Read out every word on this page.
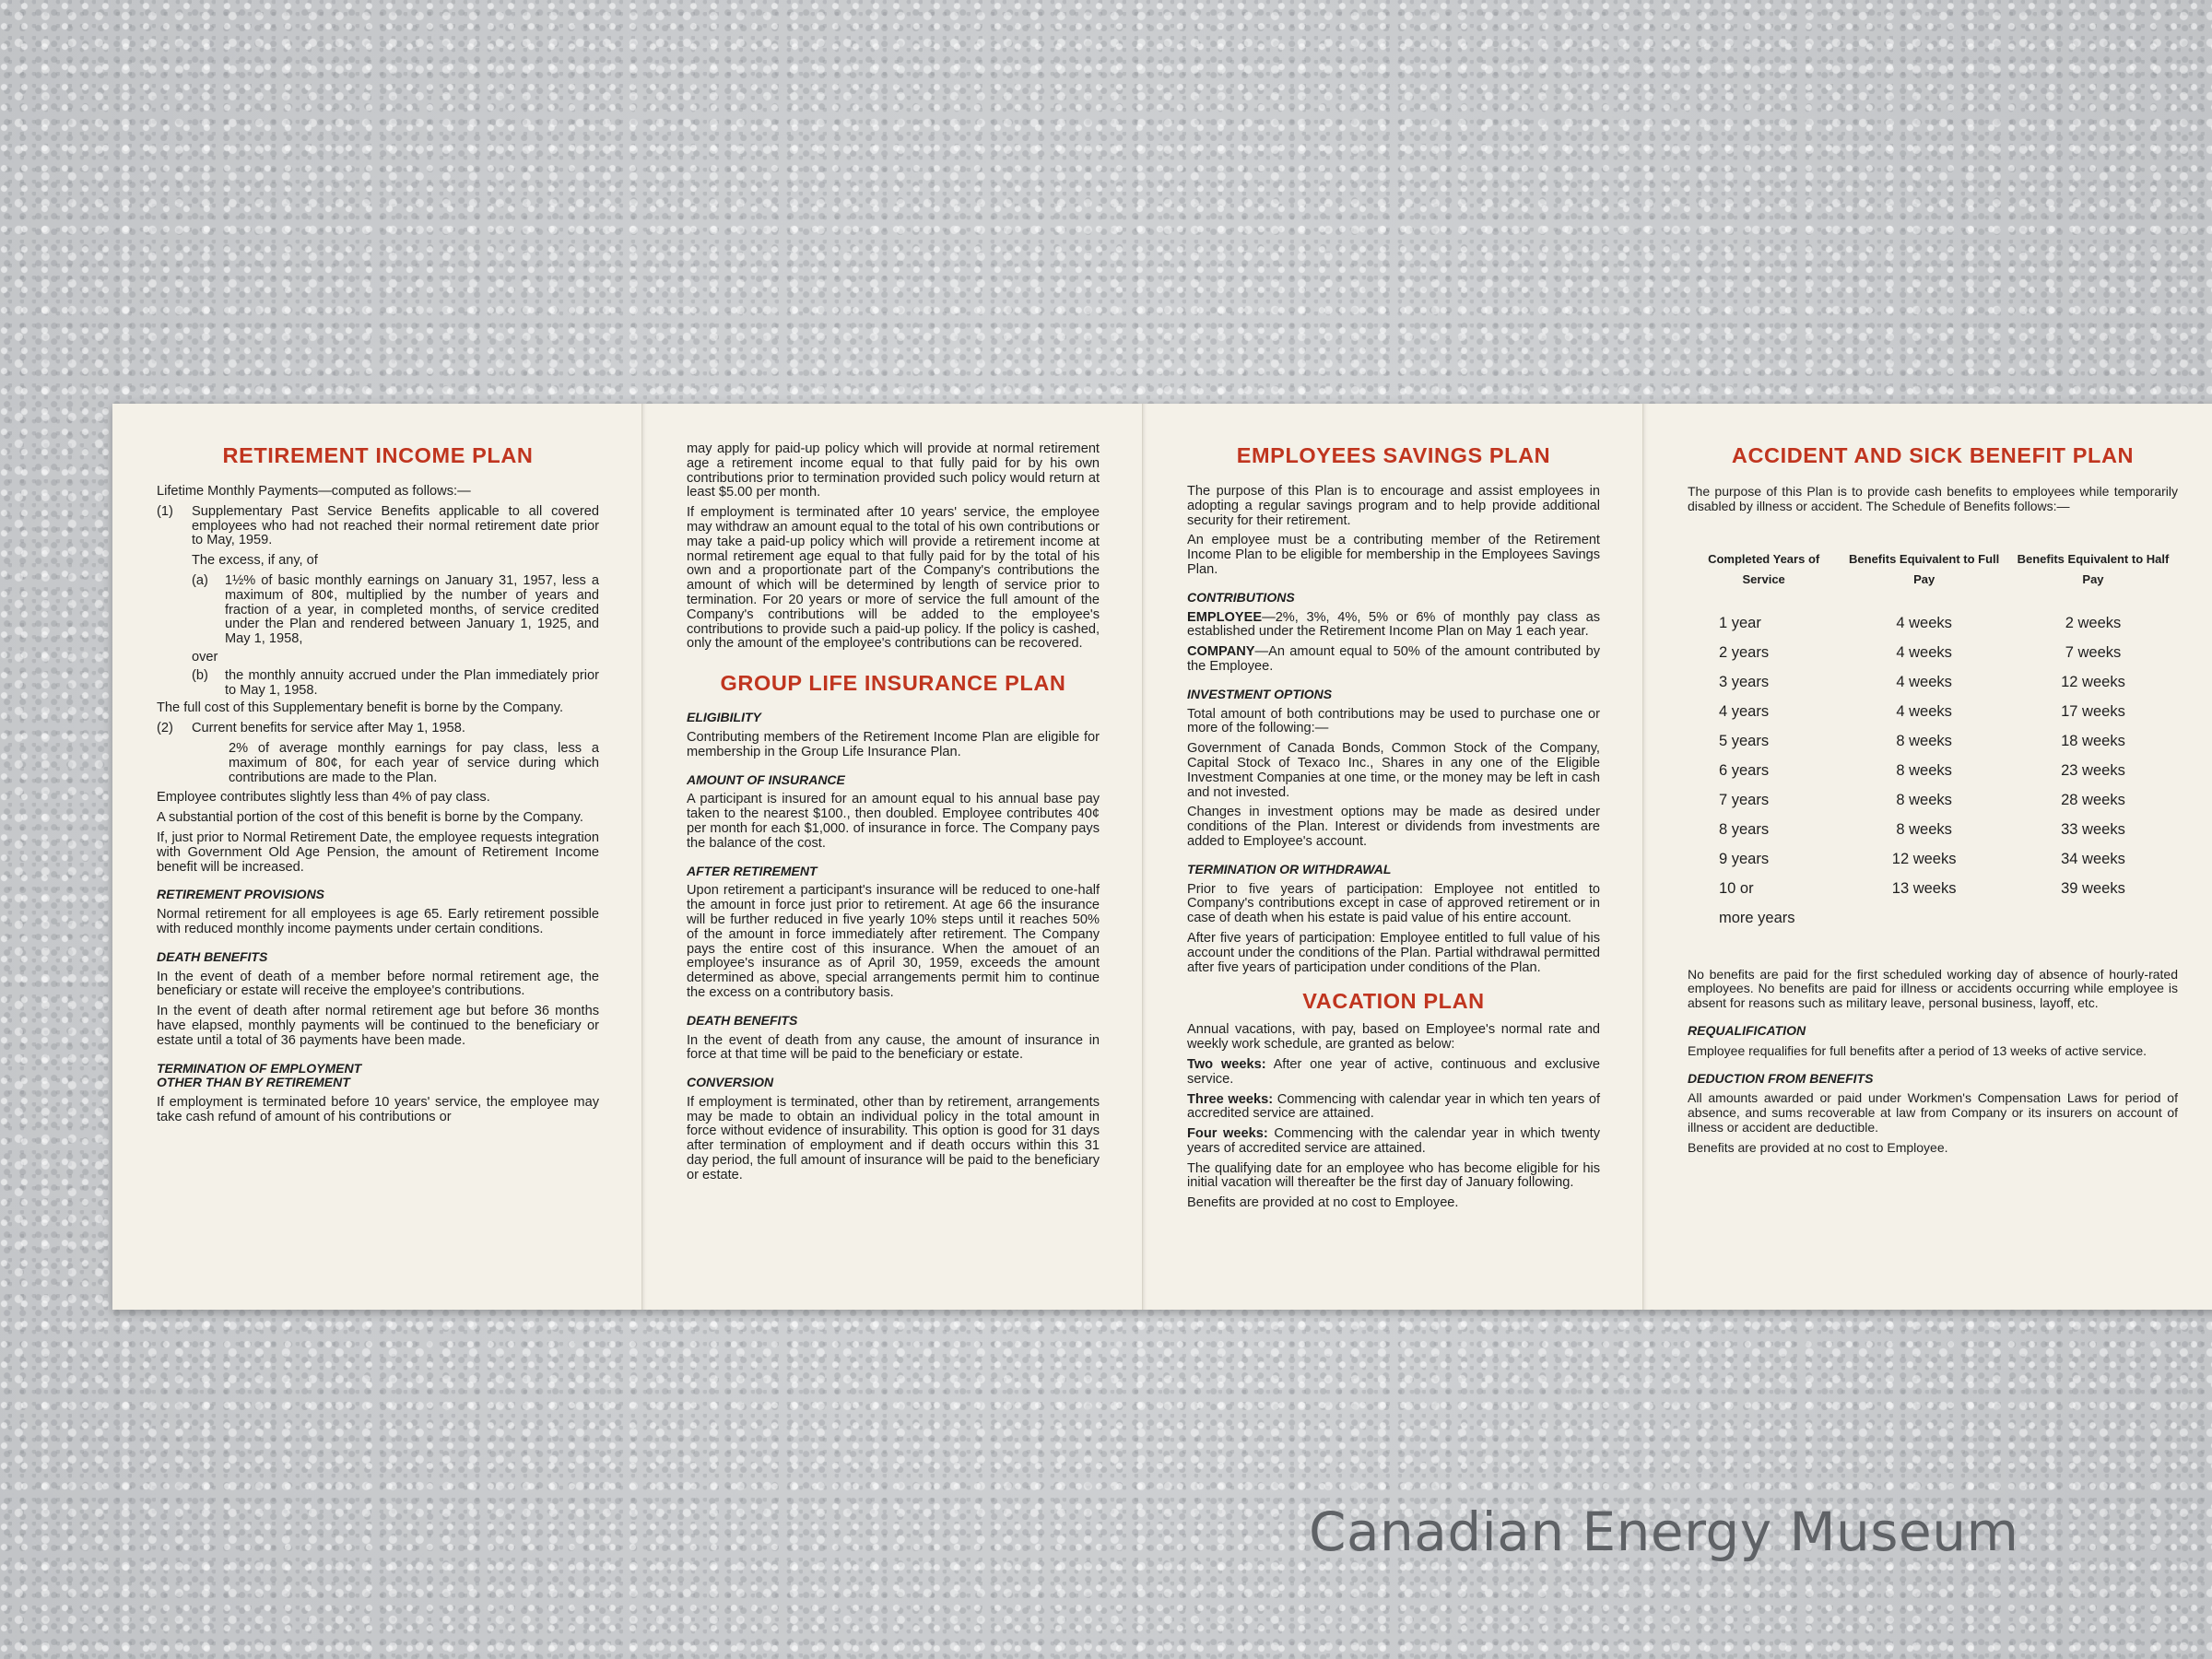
RETIREMENT INCOME PLAN

Lifetime Monthly Payments—computed as follows:—

(1)	Supplementary Past Service Benefits applicable to all covered employees who had not reached their normal retirement date prior to May, 1959.

The excess, if any, of

(a)	1½% of basic monthly earnings on January 31, 1957, less a maximum of 80¢, multiplied by the number of years and fraction of a year, in completed months, of service credited under the Plan and rendered between January 1, 1925, and May 1, 1958,
over
(b)	the monthly annuity accrued under the Plan immediately prior to May 1, 1958.

The full cost of this Supplementary benefit is borne by the Company.

(2)	Current benefits for service after May 1, 1958.

2% of average monthly earnings for pay class, less a maximum of 80¢, for each year of service during which contributions are made to the Plan.

Employee contributes slightly less than 4% of pay class.

A substantial portion of the cost of this benefit is borne by the Company.

If, just prior to Normal Retirement Date, the employee requests integration with Government Old Age Pension, the amount of Retirement Income benefit will be increased.

RETIREMENT PROVISIONS

Normal retirement for all employees is age 65. Early retirement possible with reduced monthly income payments under certain conditions.

DEATH BENEFITS

In the event of death of a member before normal retirement age, the beneficiary or estate will receive the employee's contributions.

In the event of death after normal retirement age but before 36 months have elapsed, monthly payments will be continued to the beneficiary or estate until a total of 36 payments have been made.

TERMINATION OF EMPLOYMENT
OTHER THAN BY RETIREMENT

If employment is terminated before 10 years' service, the employee may take cash refund of amount of his contributions or

may apply for paid-up policy which will provide at normal retirement age a retirement income equal to that fully paid for by his own contributions prior to termination provided such policy would return at least $5.00 per month.

If employment is terminated after 10 years' service, the employee may withdraw an amount equal to the total of his own contributions or may take a paid-up policy which will provide a retirement income at normal retirement age equal to that fully paid for by the total of his own and a proportionate part of the Company's contributions the amount of which will be determined by length of service prior to termination. For 20 years or more of service the full amount of the Company's contributions will be added to the employee's contributions to provide such a paid-up policy. If the policy is cashed, only the amount of the employee's contributions can be recovered.

GROUP LIFE INSURANCE PLAN
ELIGIBILITY

Contributing members of the Retirement Income Plan are eligible for membership in the Group Life Insurance Plan.

AMOUNT OF INSURANCE

A participant is insured for an amount equal to his annual base pay taken to the nearest $100., then doubled. Employee contributes 40¢ per month for each $1,000. of insurance in force. The Company pays the balance of the cost.

AFTER RETIREMENT

Upon retirement a participant's insurance will be reduced to one-half the amount in force just prior to retirement. At age 66 the insurance will be further reduced in five yearly 10% steps until it reaches 50% of the amount in force immediately after retirement. The Company pays the entire cost of this insurance. When the amouet of an employee's insurance as of April 30, 1959, exceeds the amount determined as above, special arrangements permit him to continue the excess on a contributory basis.

DEATH BENEFITS

In the event of death from any cause, the amount of insurance in force at that time will be paid to the beneficiary or estate.

CONVERSION

If employment is terminated, other than by retirement, arrangements may be made to obtain an individual policy in the total amount in force without evidence of insurability. This option is good for 31 days after termination of employment and if death occurs within this 31 day period, the full amount of insurance will be paid to the beneficiary or estate.

EMPLOYEES SAVINGS PLAN

The purpose of this Plan is to encourage and assist employees in adopting a regular savings program and to help provide additional security for their retirement.

An employee must be a contributing member of the Retirement Income Plan to be eligible for membership in the Employees Savings Plan.

CONTRIBUTIONS

EMPLOYEE—2%, 3%, 4%, 5% or 6% of monthly pay class as established under the Retirement Income Plan on May 1 each year.

COMPANY—An amount equal to 50% of the amount contributed by the Employee.

INVESTMENT OPTIONS

Total amount of both contributions may be used to purchase one or more of the following:—

Government of Canada Bonds, Common Stock of the Company, Capital Stock of Texaco Inc., Shares in any one of the Eligible Investment Companies at one time, or the money may be left in cash and not invested.

Changes in investment options may be made as desired under conditions of the Plan. Interest or dividends from investments are added to Employee's account.

TERMINATION OR WITHDRAWAL

Prior to five years of participation: Employee not entitled to Company's contributions except in case of approved retirement or in case of death when his estate is paid value of his entire account.

After five years of participation: Employee entitled to full value of his account under the conditions of the Plan. Partial withdrawal permitted after five years of participation under conditions of the Plan.

VACATION PLAN

Annual vacations, with pay, based on Employee's normal rate and weekly work schedule, are granted as below:

Two weeks: After one year of active, continuous and exclusive service.

Three weeks: Commencing with calendar year in which ten years of accredited service are attained.

Four weeks: Commencing with the calendar year in which twenty years of accredited service are attained.

The qualifying date for an employee who has become eligible for his initial vacation will thereafter be the first day of January following.

Benefits are provided at no cost to Employee.

ACCIDENT AND SICK BENEFIT PLAN

The purpose of this Plan is to provide cash benefits to employees while temporarily disabled by illness or accident. The Schedule of Benefits follows:—

Completed Years of Service	Benefits Equivalent to Full Pay	Benefits Equivalent to Half Pay
1 year	4 weeks	2 weeks
2 years	4 weeks	7 weeks
3 years	4 weeks	12 weeks
4 years	4 weeks	17 weeks
5 years	8 weeks	18 weeks
6 years	8 weeks	23 weeks
7 years	8 weeks	28 weeks
8 years	8 weeks	33 weeks
9 years	12 weeks	34 weeks
10 or	13 weeks	39 weeks
more years		

No benefits are paid for the first scheduled working day of absence of hourly-rated employees. No benefits are paid for illness or accidents occurring while employee is absent for reasons such as military leave, personal business, layoff, etc.

REQUALIFICATION

Employee requalifies for full benefits after a period of 13 weeks of active service.

DEDUCTION FROM BENEFITS

All amounts awarded or paid under Workmen's Compensation Laws for period of absence, and sums recoverable at law from Company or its insurers on account of illness or accident are deductible.

Benefits are provided at no cost to Employee.

Canadian Energy Museum
